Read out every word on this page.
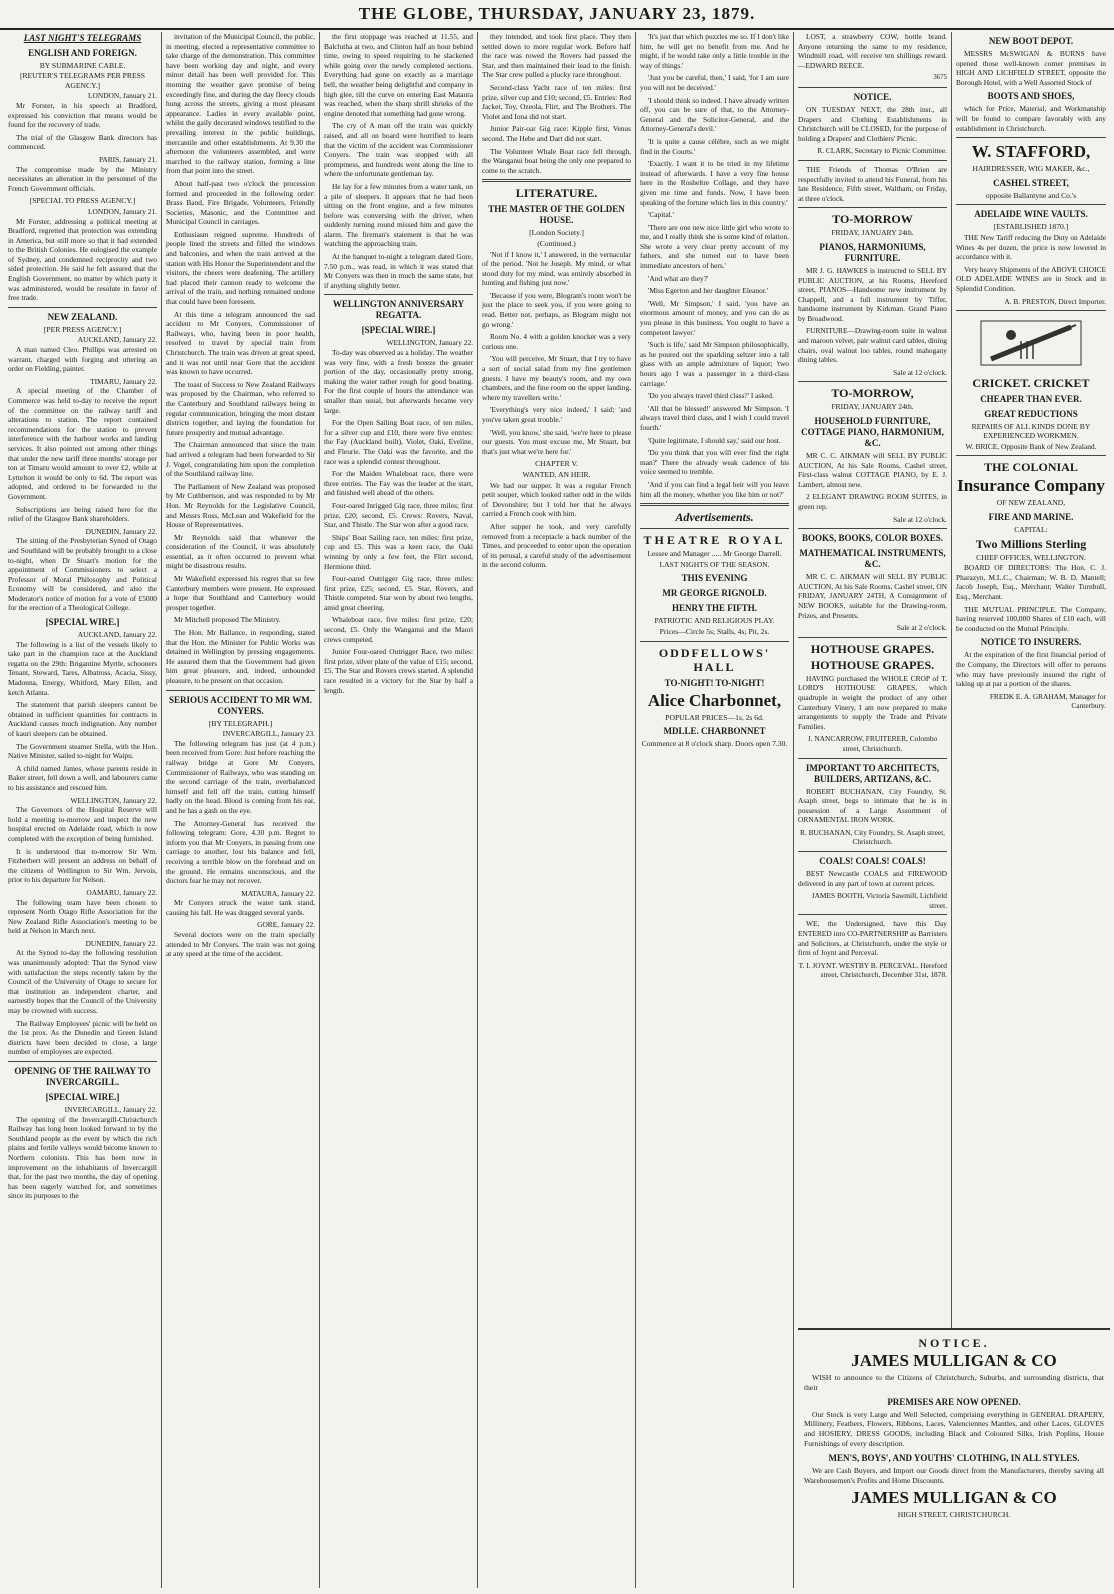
THE GLOBE, THURSDAY, JANUARY 23, 1879.
LAST NIGHT'S TELEGRAMS
ENGLISH AND FOREIGN.
BY SUBMARINE CABLE.
[REUTER'S TELEGRAMS PER PRESS AGENCY.]
LONDON, January 21.

Mr Forster, in his speech at Bradford, expressed his conviction that means would be found for the recovery of trade.

The trial of the Glasgow Bank directors has commenced.

PARIS, January 21.

The compromise made by the Ministry necessitates an alteration in the personnel of the French Government officials.

[SPECIAL TO PRESS AGENCY.]
LONDON, January 21.

Mr Forster, addressing a political meeting at Bradford, regretted that protection was extending in America, but still more so that it had extended to the British Colonies. He eulogised the example of Sydney, and condemned reciprocity and two sided protection. He said he felt assured that the English Government, no matter by which party it was administered, would be resolute in favor of free trade.

NEW ZEALAND.
[PER PRESS AGENCY.]
AUCKLAND, January 22.

A man named Cleo. Phillips was arrested on warrant, charged with forging and uttering an order on Fielding, painter.

TIMARU, January 22.

A special meeting of the Chamber of Commerce was held to-day to receive the report of the committee on the railway tariff and alterations to station. The report contained recommendations for the station to prevent interference with the harbour works and landing services. It also pointed out among other things that under the new tariff three months' storage per ton at Timaru would amount to over £2, while at Lyttelton it would be only to 6d. The report was adopted, and ordered to be forwarded to the Government.

Subscriptions are being raised here for the relief of the Glasgow Bank shareholders.

DUNEDIN, January 22.

The sitting of the Presbyterian Synod of Otago and Southland will be probably brought to a close to-night, when Dr Stuart's motion for the appointment of Commissioners to select a Professor of Moral Philosophy and Political Economy will be considered, and also the Moderator's notice of motion for a vote of £5000 for the erection of a Theological College.

[SPECIAL WIRE.]
AUCKLAND, January 22.

The following is a list of the vessels likely to take part in the champion race at the Auckland regatta on the 29th: Brigantine Myrtle, schooners Tenant, Steward, Tares, Albatross, Acacia, Sissy, Madonna, Energy, Whitford, Mary Ellen, and ketch Atlanta.

The statement that parish sleepers cannot be obtained in sufficient quantities for contracts in Auckland causes much indignation. Any number of kauri sleepers can be obtained.

The Government steamer Stella, with the Hon. Native Minister, sailed to-night for Waipu.

A child named James, whose parents reside in Baker street, fell down a well, and labourers came to his assistance and rescued him.

WELLINGTON, January 22.

The Governors of the Hospital Reserve will hold a meeting to-morrow and inspect the new hospital erected on Adelaide road, which is now completed with the exception of being furnished.

It is understood that to-morrow Sir Wm. Fitzherbert will present an address on behalf of the citizens of Wellington to Sir Wm. Jervois, prior to his departure for Nelson.

OAMARU, January 22.

The following team have been chosen to represent North Otago Rifle Association for the New Zealand Rifle Association's meeting to be held at Nelson in March next.

DUNEDIN, January 22.

At the Synod to-day the following resolution was unanimously adopted: That the Synod view with satisfaction the steps recently taken by the Council of the University of Otago to secure for that institution an independent charter, and earnestly hopes that the Council of the University may be crowned with success.

The Railway Employees' picnic will be held on the 1st prox. As the Dunedin and Green Island districts have been decided to close, a large number of employees are expected.

OPENING OF THE RAILWAY TO INVERCARGILL.
[SPECIAL WIRE.]
INVERCARGILL, January 22.

The opening of the Invercargill-Christchurch Railway has long been looked forward to by the Southland people as the event by which the rich plains and fertile valleys would become known to Northern colonists. This has been now in improvement on the inhabitants of Invercargill that, for the past two months, the day of opening has been eagerly watched for, and sometimes since its purposes to the

invitation of the Municipal Council, the public, in meeting, elected a representative committee to take charge of the demonstration. This committee have been working day and night, and every minor detail has been well provided for. This morning the weather gave promise of being exceedingly fine, and during the day fleecy clouds hung across the streets, giving a most pleasant appearance. Ladies in every available point, whilst the gaily decorated windows testified to the prevailing interest in the public buildings, mercantile and other establishments. At 9.30 the afternoon the volunteers assembled, and were marched to the railway station, forming a line from that point into the street.

About half-past two o'clock the procession formed and proceeded in the following order: Brass Band, Fire Brigade, Volunteers, Friendly Societies, Masonic, and the Committee and Municipal Council in carriages.

Enthusiasm reigned supreme. Hundreds of people lined the streets and filled the windows and balconies, and when the train arrived at the station with His Honor the Superintendent and the visitors, the cheers were deafening. The artillery had placed their cannon ready to welcome the arrival of the train, and nothing remained undone that could have been foreseen.

At this time a telegram announced the sad accident to Mr Conyers, Commissioner of Railways, who, having been in poor health, resolved to travel by special train from Christchurch. The train was driven at great speed, and it was not until near Gore that the accident was known to have occurred.

The toast of Success to New Zealand Railways was proposed by the Chairman, who referred to the Canterbury and Southland railways being in regular communication, bringing the most distant districts together, and laying the foundation for future prosperity and mutual advantage.

The Chairman announced that since the train had arrived a telegram had been forwarded to Sir J. Vogel, congratulating him upon the completion of the Southland railway line.

The Parliament of New Zealand was proposed by Mr Cuthbertson, and was responded to by Mr Hon. Mr Reynolds for the Legislative Council, and Messrs Ross, McLean and Wakefield for the House of Representatives.

Mr Reynolds said that whatever the consideration of the Council, it was absolutely essential, as it often occurred to prevent what might be disastrous results.

Mr Wakefield expressed his regret that so few Canterbury members were present. He expressed a hope that Southland and Canterbury would prosper together.

Mr Mitchell proposed The Ministry.

The Hon. Mr Ballance, in responding, stated that the Hon. the Minister for Public Works was detained in Wellington by pressing engagements. He assured them that the Government had given him great pleasure, and, indeed, unbounded pleasure, to be present on that occasion.

SERIOUS ACCIDENT TO MR WM. CONYERS.
[BY TELEGRAPH.]
INVERCARGILL, January 23.

The following telegram has just (at 4 p.m.) been received from Gore: Just before reaching the railway bridge at Gore Mr Conyers, Commissioner of Railways, who was standing on the second carriage of the train, overbalanced himself and fell off the train, cutting himself badly on the head. Blood is coming from his ear, and he has a gash on the eye.

The Attorney-General has received the following telegram: Gore, 4.30 p.m. Regret to inform you that Mr Conyers, in passing from one carriage to another, lost his balance and fell, receiving a terrible blow on the forehead and on the ground. He remains unconscious, and the doctors fear he may not recover.

MATAURA, January 22.

Mr Conyers struck the water tank stand, causing his fall. He was dragged several yards.

GORE, January 22.

Several doctors were on the train specially attended to Mr Conyers. The train was not going at any speed at the time of the accident.

the first stoppage was reached at 11.55, and Balclutha at two, and Clinton half an hour behind time, owing to speed requiring to be slackened while going over the newly completed sections. Everything had gone on exactly as a marriage bell, the weather being delightful and company in high glee, till the curve on entering East Mataura was reached, when the sharp shrill shrieks of the engine denoted that something had gone wrong.

The cry of A man off the train was quickly raised, and all on board were horrified to learn that the victim of the accident was Commissioner Conyers. The train was stopped with all promptness, and hundreds went along the line to where the unfortunate gentleman lay.

He lay for a few minutes from a water tank, on a pile of sleepers. It appears that he had been sitting on the front engine, and a few minutes before was conversing with the driver, when suddenly turning round missed him and gave the alarm. The fireman's statement is that he was watching the approaching train.

At the banquet to-night a telegram dated Gore, 7.50 p.m., was read, in which it was stated that Mr Conyers was then in much the same state, but if anything slightly better.

WELLINGTON ANNIVERSARY REGATTA.
[SPECIAL WIRE.]
WELLINGTON, January 22.

To-day was observed as a holiday. The weather was very fine, with a fresh breeze the greater portion of the day, occasionally pretty strong, making the water rather rough for good boating. For the first couple of hours the attendance was smaller than usual, but afterwards became very large.

For the Open Sailing Boat race, of ten miles, for a silver cup and £10, there were five entries: the Fay (Auckland built), Violet, Oaki, Eveline, and Fleurie. The Oaki was the favorite, and the race was a splendid contest throughout.

For the Maiden Whaleboat race, there were three entries. The Fay was the leader at the start, and finished well ahead of the others.

Four-oared Inrigged Gig race, three miles; first prize, £20; second, £5. Crews: Rovers, Naval, Star, and Thistle. The Star won after a good race.

Ships' Boat Sailing race, ten miles: first prize, cup and £5. This was a keen race, the Oaki winning by only a few feet, the Flirt second, Hermione third.

Four-oared Outrigger Gig race, three miles: first prize, £25; second, £5. Star, Rovers, and Thistle competed. Star won by about two lengths, amid great cheering.

Whaleboat race, five miles: first prize, £20; second, £5. Only the Wanganui and the Maori crews competed.

Junior Four-oared Outrigger Race, two miles: first prize, silver plate of the value of £15; second, £5. The Star and Rovers crews started. A splendid race resulted in a victory for the Star by half a length.

they intended, and took first place. They then settled down to more regular work. Before half the race was rowed the Rovers had passed the Star, and then maintained their lead to the finish. The Star crew pulled a plucky race throughout.

Second-class Yacht race of ten miles: first prize, silver cup and £10; second, £5. Entries: Red Jacket, Toy, Ozeola, Flirt, and The Brothers. The Violet and Iona did not start.

Junior Pair-oar Gig race: Kipple first, Venus second. The Hebe and Dart did not start.

The Volunteer Whale Boat race fell through, the Wanganui boat being the only one prepared to come to the scratch.

LITERATURE.
THE MASTER OF THE GOLDEN HOUSE.
[London Society.]
(Continued.)

'Not if I know it,' I answered, in the vernacular of the period. 'Not he Joseph. My mind, or what stood duty for my mind, was entirely absorbed in hunting and fishing just now.'

'Because if you were, Blogram's room won't be just the place to seek you, if you were going to read. Better not, perhaps, as Blogram might not go wrong.'

Room No. 4 with a golden knocker was a very curious one.

'You will perceive, Mr Stuart, that I try to have a sort of social salad from my fine gentlemen guests. I have my beauty's room, and my own chambers, and the fine room on the upper landing, where my travellers write.'

'Everything's very nice indeed,' I said; 'and you've taken great trouble.'

'Well, you know,' she said, 'we're here to please our guests. You must excuse me, Mr Stuart, but that's just what we're here for.'

CHAPTER V.
WANTED, AN HEIR.

We had our supper. It was a regular French petit souper, which looked rather odd in the wilds of Devonshire; but I told her that he always carried a French cook with him.

After supper he took, and very carefully removed from a receptacle a back number of the Times, and proceeded to enter upon the operation of its perusal, a careful study of the advertisement in the second column.

'It's just that which puzzles me so. If I don't like him, he will get no benefit from me. And he might, if he would take only a little trouble in the way of things.'

'Just you be careful, then,' I said, 'for I am sure you will not be deceived.'

'I should think so indeed. I have already written off, you can be sure of that, to the Attorney-General and the Solicitor-General, and the Attorney-General's devil.'

'It is quite a cause célèbre, such as we might find in the Courts.'

'Exactly. I want it to be tried in my lifetime instead of afterwards. I have a very fine house here in the Rosheltre Collage, and they have given me time and funds. Now, I have been speaking of the fortune which lies in this country.'

'Capital.'

'There are one new nice little girl who wrote to me, and I really think she is some kind of relation. She wrote a very clear pretty account of my fathers, and she turned out to have been immediate ancestors of hers.'

'And what are they?'

'Miss Egerton and her daughter Eleanor.'

'Well, Mr Simpson,' I said, 'you have an enormous amount of money, and you can do as you please in this business. You ought to have a competent lawyer.'

'Such is life,' said Mr Simpson philosophically, as he poured out the sparkling seltzer into a tall glass with an ample admixture of liquor; 'two hours ago I was a passenger in a third-class carriage.'

'Do you always travel third class?' I asked.

'All that be blessed!' answered Mr Simpson. 'I always travel third class, and I wish I could travel fourth.'

'Quite legitimate, I should say,' said our host.

'Do you think that you will ever find the right man?' There the already weak cadence of his voice seemed to tremble.

'And if you can find a legal heir will you leave him all the money, whether you like him or not?'

Advertisements.
THEATRE ROYAL
Lessee and Manager ..... Mr George Darrell.
LAST NIGHTS OF THE SEASON.
THIS EVENING
MR GEORGE RIGNOLD.
HENRY THE FIFTH.
PATRIOTIC AND RELIGIOUS PLAY.
Prices—Circle 5s; Stalls, 4s; Pit, 2s.
ODDFELLOWS' HALL
TO-NIGHT! TO-NIGHT!
Alice Charbonnet,
POPULAR PRICES—1s, 2s 6d.
MDLLE. CHARBONNET
Commence at 8 o'clock sharp. Doors open 7.30.

LOST, a strawberry COW, bottle brand. Anyone returning the same to my residence, Windmill road, will receive ten shillings reward.—EDWARD REECE.

3675
NOTICE.

ON TUESDAY NEXT, the 28th inst., all Drapers and Clothing Establishments in Christchurch will be CLOSED, for the purpose of holding a Drapers' and Clothiers' Picnic.

R. CLARK, Secretary to Picnic Committee.

THE Friends of Thomas O'Brien are respectfully invited to attend his Funeral, from his late Residence, Fifth street, Waltham, on Friday, at three o'clock.

TO-MORROW
FRIDAY, JANUARY 24th.
PIANOS, HARMONIUMS, FURNITURE.

MR J. G. HAWKES is instructed to SELL BY PUBLIC AUCTION, at his Rooms, Hereford street, PIANOS—Handsome new instrument by Chappell, and a full instrument by Tiffer, handsome instrument by Kirkman. Grand Piano by Broadwood.

FURNITURE—Drawing-room suite in walnut and maroon velvet, pair walnut card tables, dining chairs, oval walnut loo tables, round mahogany dining tables.

Sale at 12 o'clock.
TO-MORROW,
FRIDAY, JANUARY 24th.
HOUSEHOLD FURNITURE, COTTAGE PIANO, HARMONIUM, &C.

MR C. C. AIKMAN will SELL BY PUBLIC AUCTION, At his Sale Rooms, Cashel street, First-class walnut COTTAGE PIANO, by E. J. Lambert, almost new.

2 ELEGANT DRAWING ROOM SUITES, in green rep.

Sale at 12 o'clock.
BOOKS, BOOKS, COLOR BOXES.
MATHEMATICAL INSTRUMENTS, &C.

MR C. C. AIKMAN will SELL BY PUBLIC AUCTION, At his Sale Rooms, Cashel street, ON FRIDAY, JANUARY 24TH, A Consignment of NEW BOOKS, suitable for the Drawing-room, Prizes, and Presents.

Sale at 2 o'clock.
HOTHOUSE GRAPES.
HOTHOUSE GRAPES.

HAVING purchased the WHOLE CROP of T. LORD'S HOTHOUSE GRAPES, which quadruple in weight the product of any other Canterbury Vinery, I am now prepared to make arrangements to supply the Trade and Private Families.

J. NANCARROW, FRUITERER, Colombo street, Christchurch.
IMPORTANT TO ARCHITECTS, BUILDERS, ARTIZANS, &C.

ROBERT BUCHANAN, City Foundry, St. Asaph street, begs to intimate that he is in possession of a Large Assortment of ORNAMENTAL IRON WORK.

R. BUCHANAN, City Foundry, St. Asaph street, Christchurch.
COALS! COALS! COALS!

BEST Newcastle COALS and FIREWOOD delivered in any part of town at current prices.

JAMES BOOTH, Victoria Sawmill, Lichfield street.

WE, the Undersigned, have this Day ENTERED into CO-PARTNERSHIP as Barristers and Solicitors, at Christchurch, under the style or firm of Joynt and Perceval.

T. I. JOYNT. WESTBY B. PERCEVAL. Hereford street, Christchurch, December 31st, 1878.
NEW BOOT DEPOT.

MESSRS McSWIGAN & BURNS have opened those well-known corner premises in HIGH AND LICHFIELD STREET, opposite the Borough Hotel, with a Well Assorted Stock of

BOOTS AND SHOES,

which for Price, Material, and Workmanship will be found to compare favorably with any establishment in Christchurch.

W. STAFFORD,
HAIRDRESSER, WIG MAKER, &c.,
CASHEL STREET,
opposite Ballantyne and Co.'s
ADELAIDE WINE VAULTS.
[ESTABLISHED 1870.]

THE New Tariff reducing the Duty on Adelaide Wines 4s per dozen, the price is now lowered in accordance with it.

Very heavy Shipments of the ABOVE CHOICE OLD ADELAIDE WINES are in Stock and in Splendid Condition.

A. B. PRESTON, Direct Importer.
CRICKET. CRICKET
CHEAPER THAN EVER.
GREAT REDUCTIONS
REPAIRS OF ALL KINDS DONE BY EXPERIENCED WORKMEN.
W. BRICE, Opposite Bank of New Zealand.
THE COLONIAL
Insurance Company
OF NEW ZEALAND,
FIRE AND MARINE.
CAPITAL:
Two Millions Sterling
CHIEF OFFICES, WELLINGTON.

BOARD OF DIRECTORS: The Hon. C. J. Pharazyn, M.L.C., Chairman; W. B. D. Mantell; Jacob Joseph, Esq., Merchant; Walter Turnbull, Esq., Merchant.

THE MUTUAL PRINCIPLE. The Company, having reserved 100,000 Shares of £10 each, will be conducted on the Mutual Principle.

NOTICE TO INSURERS.

At the expiration of the first financial period of the Company, the Directors will offer to persons who may have previously insured the right of taking up at par a portion of the shares.

FREDK E. A. GRAHAM, Manager for Canterbury.
NOTICE.
JAMES MULLIGAN & CO

WISH to announce to the Citizens of Christchurch, Suburbs, and surrounding districts, that their

PREMISES ARE NOW OPENED.

Our Stock is very Large and Well Selected, comprising everything in GENERAL DRAPERY, Millinery, Feathers, Flowers, Ribbons, Laces, Valenciennes Mantles, and other Laces, GLOVES and HOSIERY, DRESS GOODS, including Black and Coloured Silks, Irish Poplins, House Furnishings of every description.

MEN'S, BOYS', AND YOUTHS' CLOTHING, IN ALL STYLES.

We are Cash Buyers, and Import our Goods direct from the Manufacturers, thereby saving all Warehousemen's Profits and Home Discounts.

JAMES MULLIGAN & CO
HIGH STREET, CHRISTCHURCH.
